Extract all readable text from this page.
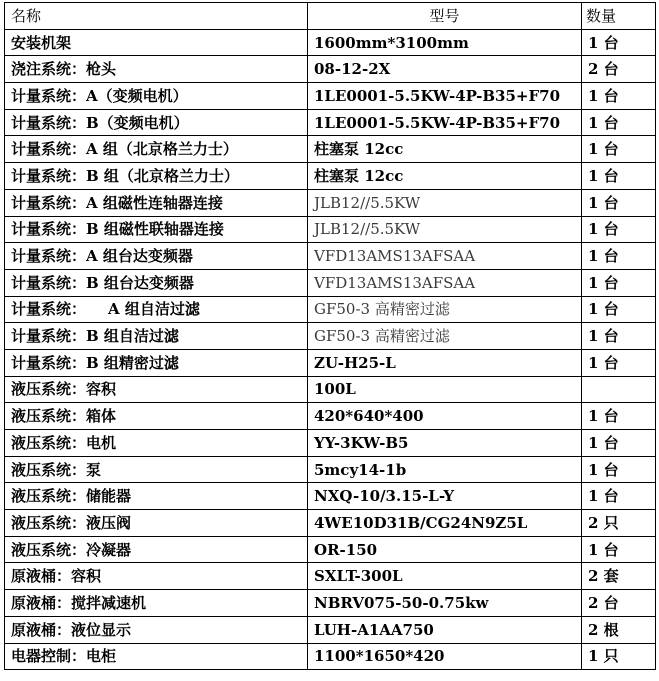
名称	型号	数量
安装机架	1600mm*3100mm	1 台
浇注系统：枪头	08-12-2X	2 台
计量系统：A（变频电机）	1LE0001-5.5KW-4P-B35+F70	1 台
计量系统：B（变频电机）	1LE0001-5.5KW-4P-B35+F70	1 台
计量系统：A 组（北京格兰力士）	柱塞泵 12cc	1 台
计量系统：B 组（北京格兰力士）	柱塞泵 12cc	1 台
计量系统：A 组磁性连轴器连接	JLB12//5.5KW	1 台
计量系统：B 组磁性联轴器连接	JLB12//5.5KW	1 台
计量系统：A 组台达变频器	VFD13AMS13AFSAA	1 台
计量系统：B 组台达变频器	VFD13AMS13AFSAA	1 台
计量系统： A 组自洁过滤	GF50-3 高精密过滤	1 台
计量系统：B 组自洁过滤	GF50-3 高精密过滤	1 台
计量系统：B 组精密过滤	ZU-H25-L	1 台
液压系统：容积	100L	
液压系统：箱体	420*640*400	1 台
液压系统：电机	YY-3KW-B5	1 台
液压系统：泵	5mcy14-1b	1 台
液压系统：储能器	NXQ-10/3.15-L-Y	1 台
液压系统：液压阀	4WE10D31B/CG24N9Z5L	2 只
液压系统：冷凝器	OR-150	1 台
原液桶：容积	SXLT-300L	2 套
原液桶：搅拌减速机	NBRV075-50-0.75kw	2 台
原液桶：液位显示	LUH-A1AA750	2 根
电器控制：电柜	1100*1650*420	1 只
